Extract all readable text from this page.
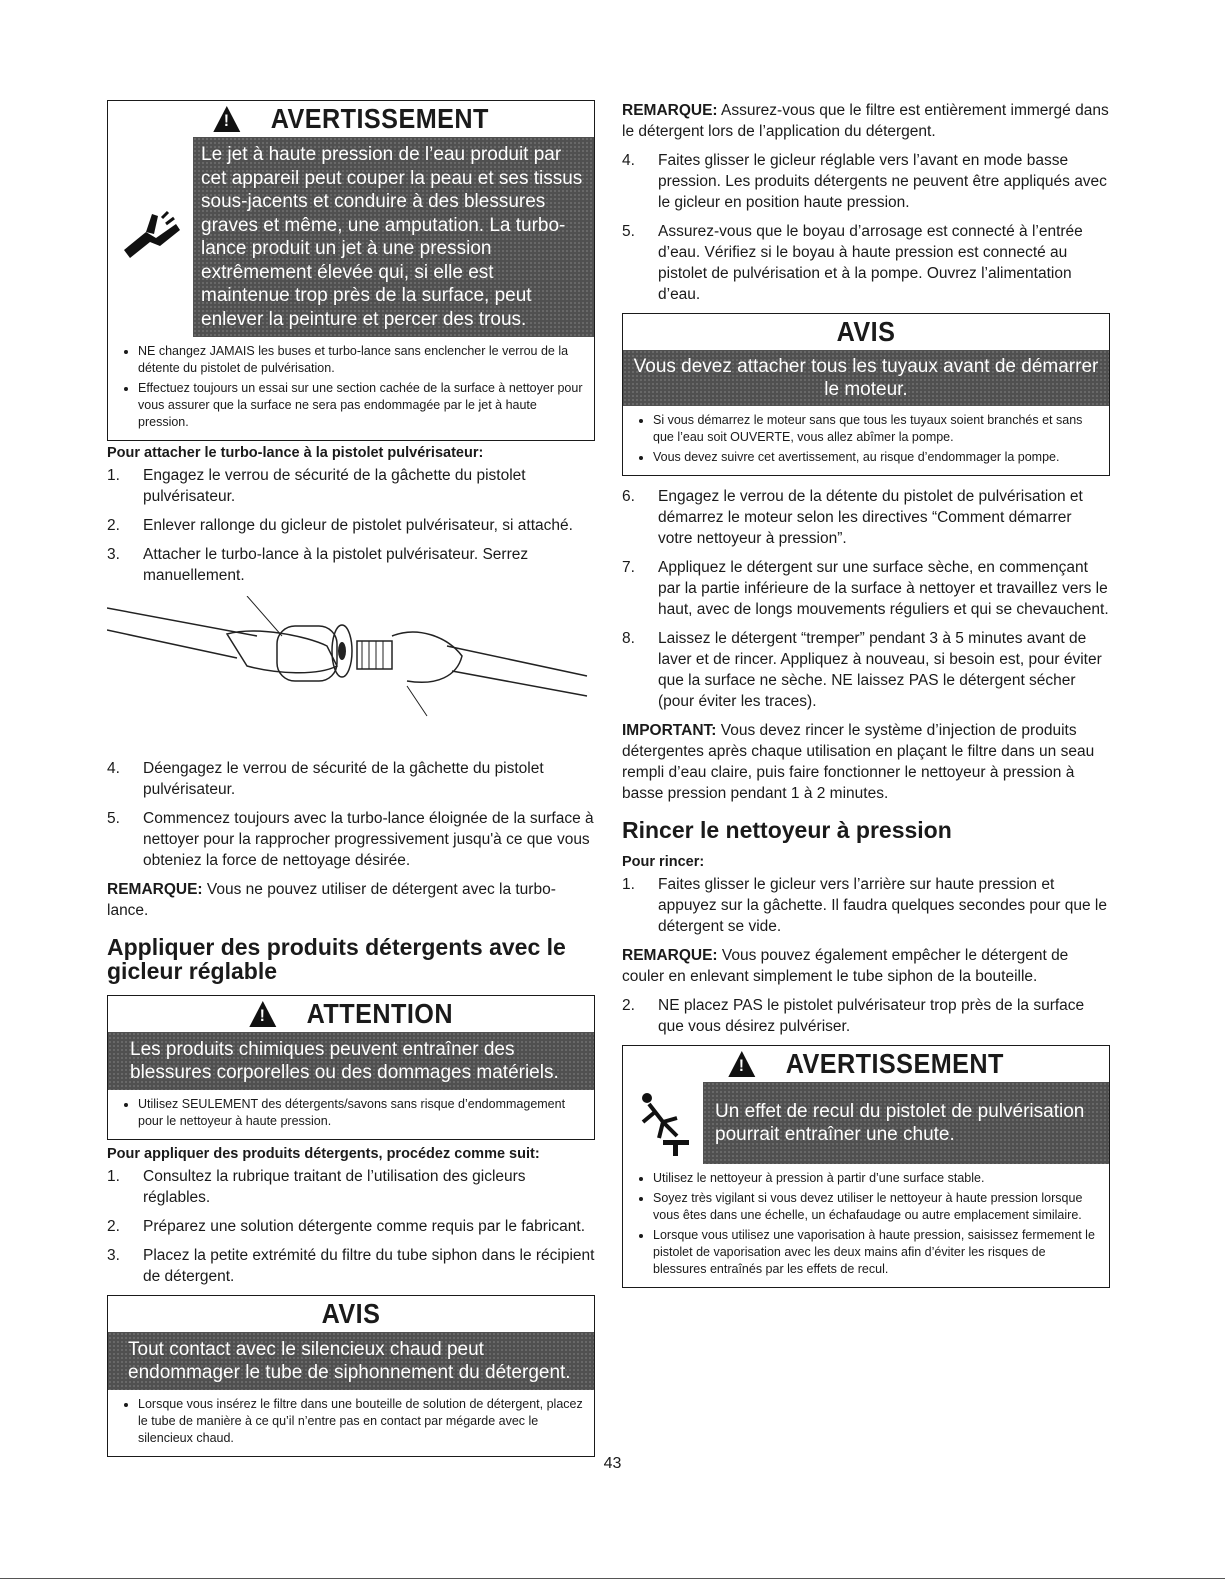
!
AVERTISSEMENT
Le jet à haute pression de l’eau produit par cet appareil peut couper la peau et ses tissus sous-jacents et conduire à des blessures graves et même, une amputation. La turbo-lance produit un jet à une pression extrêmement élevée qui, si elle est maintenue trop près de la surface, peut enlever la peinture et percer des trous.
• NE changez JAMAIS les buses et turbo-lance sans enclencher le verrou de la détente du pistolet de pulvérisation.
• Effectuez toujours un essai sur une section cachée de la surface à nettoyer pour vous assurer que la surface ne sera pas endommagée par le jet à haute pression.
Pour attacher le turbo-lance à la pistolet pulvérisateur:
1.	Engagez le verrou de sécurité de la gâchette du pistolet pulvérisateur.
2.	Enlever rallonge du gicleur de pistolet pulvérisateur, si attaché.
3.	Attacher le turbo-lance à la pistolet pulvérisateur. Serrez manuellement.
4.	Déengagez le verrou de sécurité de la gâchette du pistolet pulvérisateur.
5.	Commencez toujours avec la turbo-lance éloignée de la surface à nettoyer pour la rapprocher progressivement jusqu'à ce que vous obteniez la force de nettoyage désirée.

REMARQUE: Vous ne pouvez utiliser de détergent avec la turbo-lance.

Appliquer des produits détergents avec le gicleur réglable
!
ATTENTION
Les produits chimiques peuvent entraîner des blessures corporelles ou des dommages matériels.
• Utilisez SEULEMENT des détergents/savons sans risque d’endommagement pour le nettoyeur à haute pression.
Pour appliquer des produits détergents, procédez comme suit:
1.	Consultez la rubrique traitant de l’utilisation des gicleurs réglables.
2.	Préparez une solution détergente comme requis par le fabricant.
3.	Placez la petite extrémité du filtre du tube siphon dans le récipient de détergent.
AVIS
Tout contact avec le silencieux chaud peut endommager le tube de siphonnement du détergent.
• Lorsque vous insérez le filtre dans une bouteille de solution de détergent, placez le tube de manière à ce qu’il n’entre pas en contact par mégarde avec le silencieux chaud.

REMARQUE: Assurez-vous que le filtre est entièrement immergé dans le détergent lors de l’application du détergent.

4.	Faites glisser le gicleur réglable vers l’avant en mode basse pression. Les produits détergents ne peuvent être appliqués avec le gicleur en position haute pression.
5.	Assurez-vous que le boyau d’arrosage est connecté à l’entrée d’eau. Vérifiez si le boyau à haute pression est connecté au pistolet de pulvérisation et à la pompe. Ouvrez l’alimentation d’eau.
AVIS
Vous devez attacher tous les tuyaux avant de démarrer le moteur.
• Si vous démarrez le moteur sans que tous les tuyaux soient branchés et sans que l’eau soit OUVERTE, vous allez abîmer la pompe.
• Vous devez suivre cet avertissement, au risque d’endommager la pompe.
6.	Engagez le verrou de la détente du pistolet de pulvérisation et démarrez le moteur selon les directives “Comment démarrer votre nettoyeur à pression”.
7.	Appliquez le détergent sur une surface sèche, en commençant par la partie inférieure de la surface à nettoyer et travaillez vers le haut, avec de longs mouvements réguliers et qui se chevauchent.
8.	Laissez le détergent “tremper” pendant 3 à 5 minutes avant de laver et de rincer. Appliquez à nouveau, si besoin est, pour éviter que la surface ne sèche. NE laissez PAS le détergent sécher (pour éviter les traces).

IMPORTANT: Vous devez rincer le système d’injection de produits détergentes après chaque utilisation en plaçant le filtre dans un seau rempli d’eau claire, puis faire fonctionner le nettoyeur à pression à basse pression pendant 1 à 2 minutes.

Rincer le nettoyeur à pression
Pour rincer:
1.	Faites glisser le gicleur vers l’arrière sur haute pression et appuyez sur la gâchette. Il faudra quelques secondes pour que le détergent se vide.

REMARQUE: Vous pouvez également empêcher le détergent de couler en enlevant simplement le tube siphon de la bouteille.

2.	NE placez PAS le pistolet pulvérisateur trop près de la surface que vous désirez pulvériser.
!
AVERTISSEMENT
Un effet de recul du pistolet de pulvérisation pourrait entraîner une chute.
• Utilisez le nettoyeur à pression à partir d’une surface stable.
• Soyez très vigilant si vous devez utiliser le nettoyeur à haute pression lorsque vous êtes dans une échelle, un échafaudage ou autre emplacement similaire.
• Lorsque vous utilisez une vaporisation à haute pression, saisissez fermement le pistolet de vaporisation avec les deux mains afin d’éviter les risques de blessures entraînés par les effets de recul.
43
